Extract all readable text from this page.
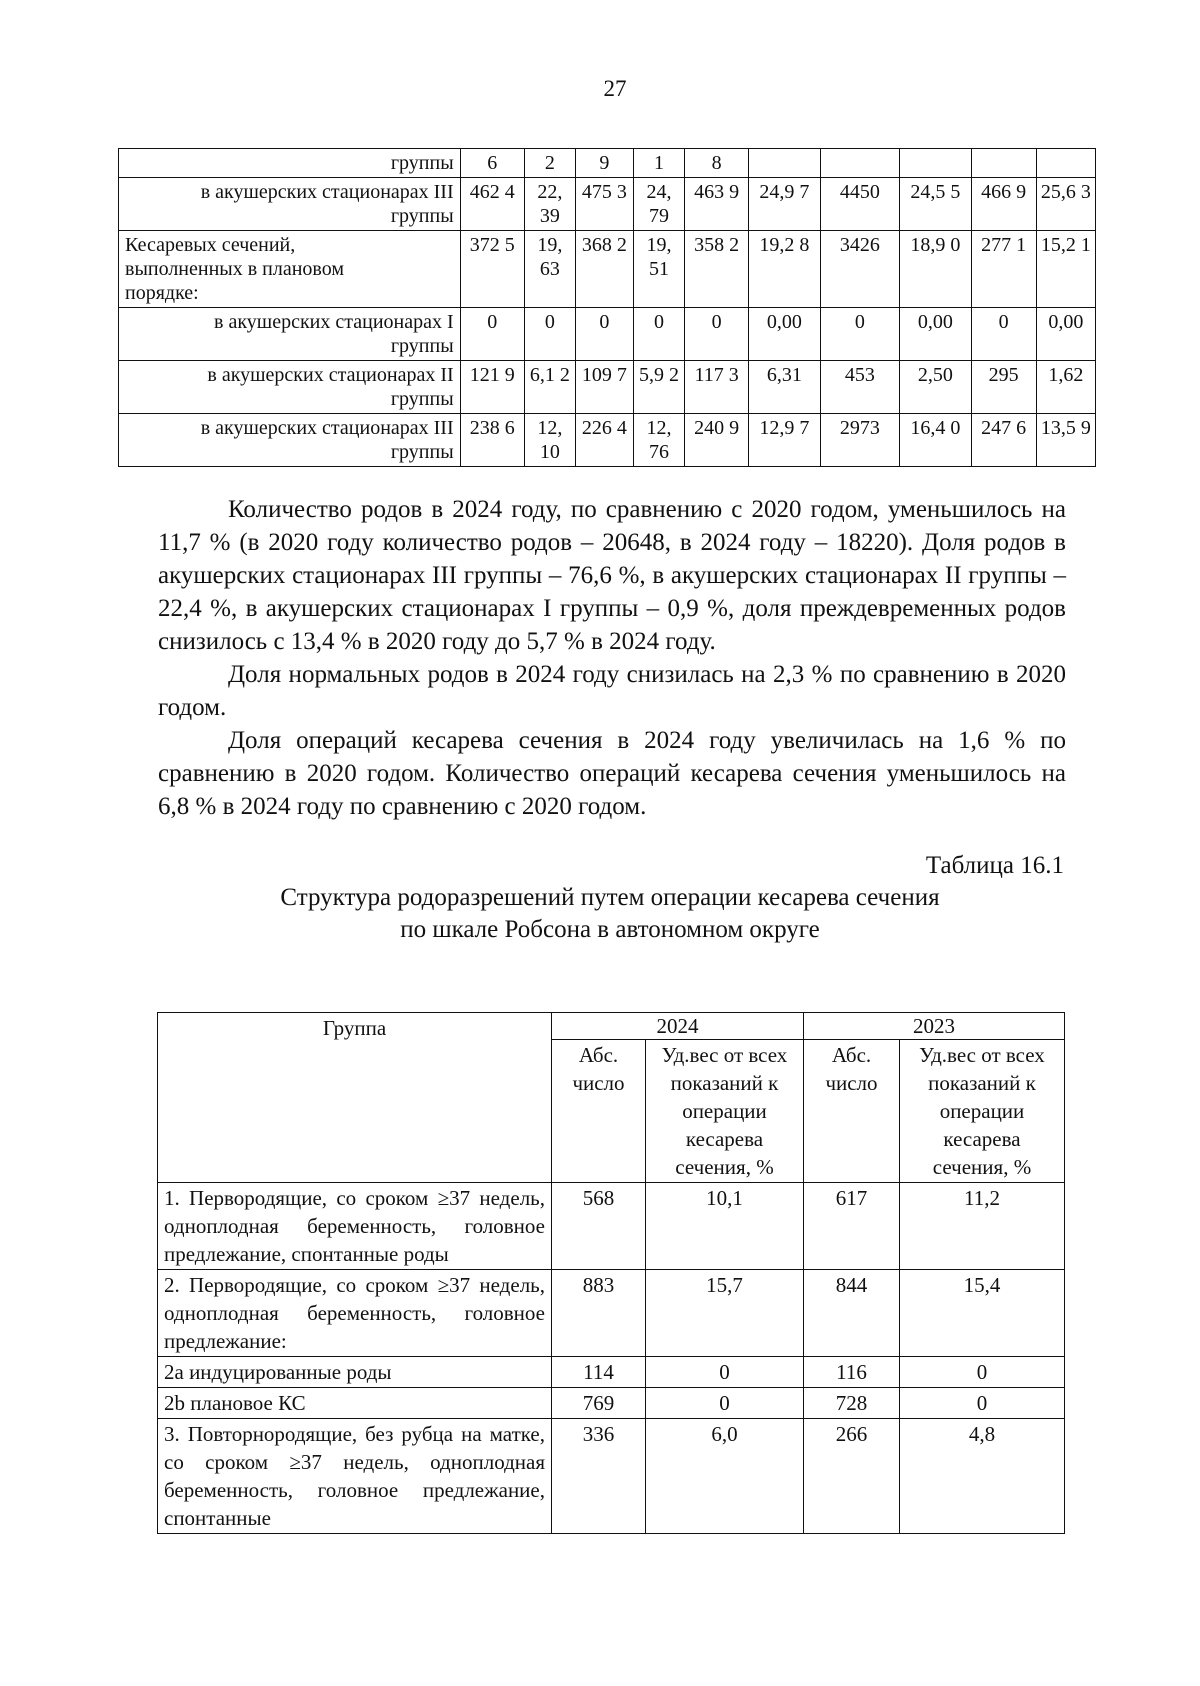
27
группы	6	2	9	1	8					

в акушерских стационарах III
группы	462 4	22, 39	475 3	24, 79	463 9	24,9 7	4450	24,5 5	466 9	25,6 3

Кесаревых сечений,
выполненных в плановом
порядке:	372 5	19, 63	368 2	19, 51	358 2	19,2 8	3426	18,9 0	277 1	15,2 1

в акушерских стационарах I
группы	0	0	0	0	0	0,00	0	0,00	0	0,00

в акушерских стационарах II
группы	121 9	6,1 2	109 7	5,9 2	117 3	6,31	453	2,50	295	1,62

в акушерских стационарах III
группы	238 6	12, 10	226 4	12, 76	240 9	12,9 7	2973	16,4 0	247 6	13,5 9

Количество родов в 2024 году, по сравнению с 2020 годом, уменьшилось на 11,7 % (в 2020 году количество родов – 20648, в 2024 году – 18220). Доля родов в акушерских стационарах III группы – 76,6 %, в акушерских стационарах II группы – 22,4 %, в акушерских стационарах I группы – 0,9 %, доля преждевременных родов снизилось с 13,4 % в 2020 году до 5,7 % в 2024 году.

Доля нормальных родов в 2024 году снизилась на 2,3 % по сравнению в 2020 годом.

Доля операций кесарева сечения в 2024 году увеличилась на 1,6 % по сравнению в 2020 годом. Количество операций кесарева сечения уменьшилось на 6,8 % в 2024 году по сравнению с 2020 годом.

Таблица 16.1
Структура родоразрешений путем операции кесарева сечения
по шкале Робсона в автономном округе
Группа	2024		2023	
	Абс. число	Уд.вес от всех показаний к операции кесарева сечения, %	Абс. число	Уд.вес от всех показаний к операции кесарева сечения, %
1. Первородящие, со сроком ≥37 недель, одноплодная беременность, головное предлежание, спонтанные роды	568	10,1	617	11,2
2. Первородящие, со сроком ≥37 недель, одноплодная беременность, головное предлежание:	883	15,7	844	15,4
2а индуцированные роды	114	0	116	0
2b плановое КС	769	0	728	0
3. Повторнородящие, без рубца на матке, со сроком ≥37 недель, одноплодная беременность, головное предлежание, спонтанные	336	6,0	266	4,8
